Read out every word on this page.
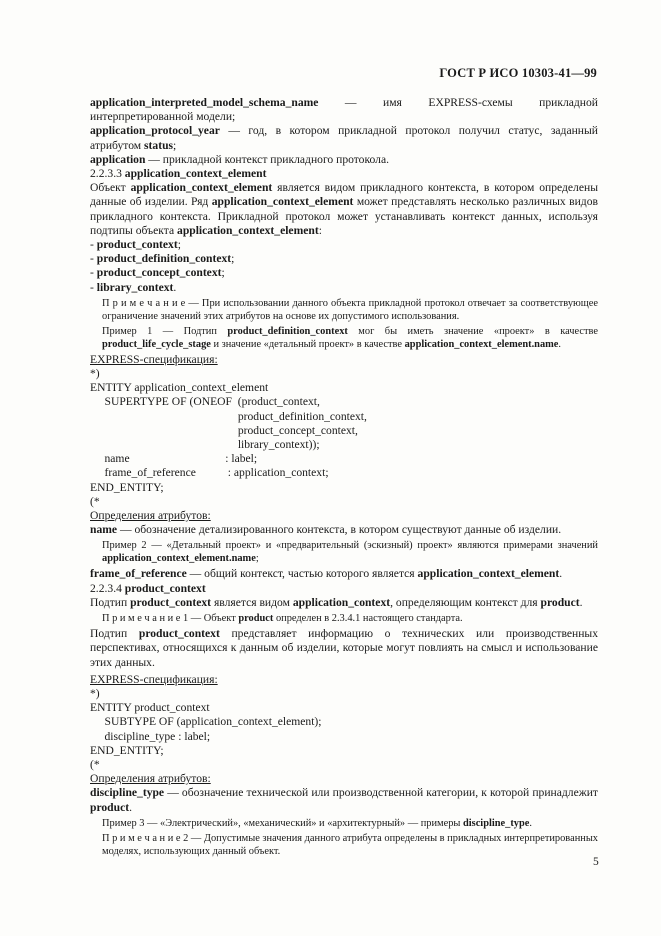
ГОСТ Р ИСО 10303-41—99

application_interpreted_model_schema_name — имя EXPRESS-схемы прикладной интерпретированной модели;

application_protocol_year — год, в котором прикладной протокол получил статус, заданный атрибутом status;

application — прикладной контекст прикладного протокола.

2.2.3.3 application_context_element

Объект application_context_element является видом прикладного контекста, в котором определены данные об изделии. Ряд application_context_element может представлять несколько различных видов прикладного контекста. Прикладной протокол может устанавливать контекст данных, используя подтипы объекта application_context_element:

- product_context;
- product_definition_context;
- product_concept_context;
- library_context.

П р и м е ч а н и е — При использовании данного объекта прикладной протокол отвечает за соответствующее ограничение значений этих атрибутов на основе их допустимого использования.

Пример 1 — Подтип product_definition_context мог бы иметь значение «проект» в качестве product_life_cycle_stage и значение «детальный проект» в качестве application_context_element.name.

EXPRESS-спецификация:

*)

ENTITY application_context_element

SUPERTYPE OF (ONEOF  (product_context,

product_definition_context,

product_concept_context,

library_context));

name                                 : label;

frame_of_reference           : application_context;

END_ENTITY;

(*

Определения атрибутов:

name — обозначение детализированного контекста, в котором существуют данные об изделии.

Пример 2 — «Детальный проект» и «предварительный (эскизный) проект» являются примерами значений application_context_element.name;

frame_of_reference — общий контекст, частью которого является application_context_element.

2.2.3.4 product_context

Подтип product_context является видом application_context, определяющим контекст для product.

П р и м е ч а н и е 1 — Объект product определен в 2.3.4.1 настоящего стандарта.

Подтип product_context представляет информацию о технических или производственных перспективах, относящихся к данным об изделии, которые могут повлиять на смысл и использование этих данных.

EXPRESS-спецификация:

*)

ENTITY product_context

SUBTYPE OF (application_context_element);

discipline_type : label;

END_ENTITY;

(*

Определения атрибутов:

discipline_type — обозначение технической или производственной категории, к которой принадлежит product.

Пример 3 — «Электрический», «механический» и «архитектурный» — примеры discipline_type.

П р и м е ч а н и е 2 — Допустимые значения данного атрибута определены в прикладных интерпретированных моделях, использующих данный объект.

5
